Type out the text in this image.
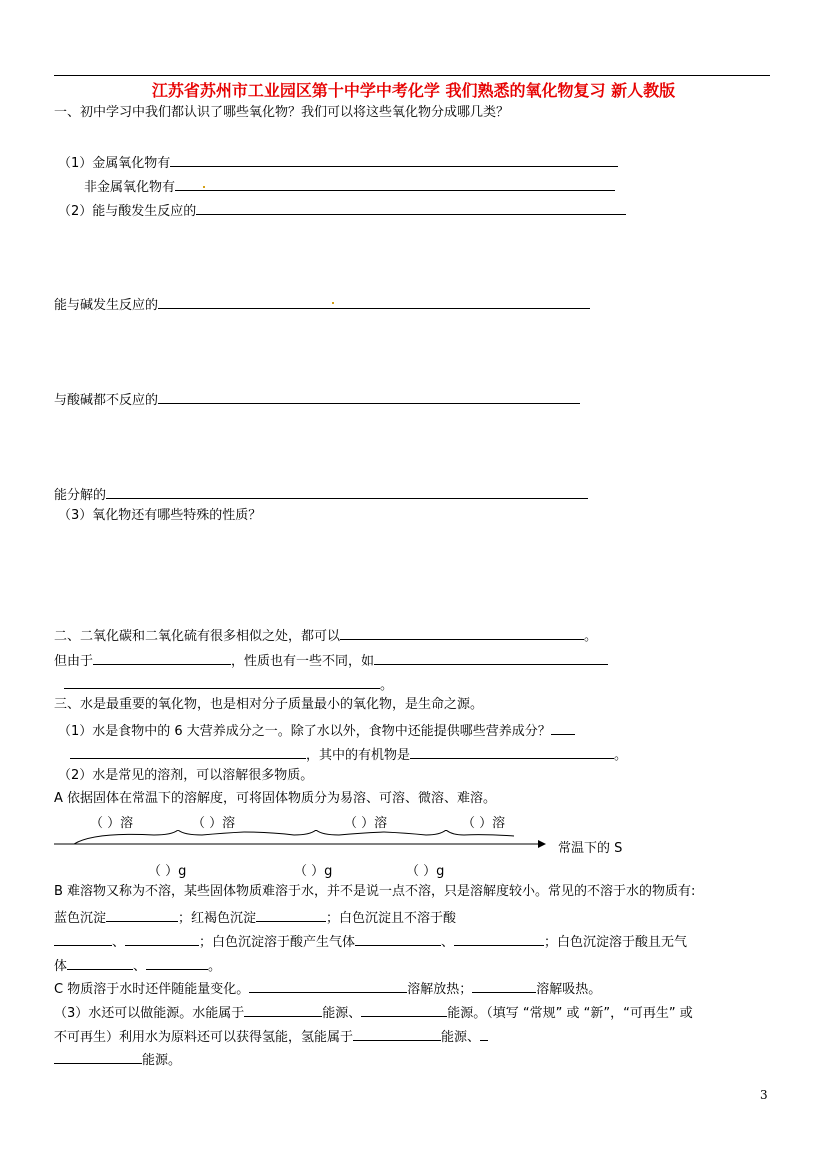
江苏省苏州市工业园区第十中学中考化学 我们熟悉的氧化物复习 新人教版
一、初中学习中我们都认识了哪些氧化物？我们可以将这些氧化物分成哪几类？
（1）金属氧化物有
非金属氧化物有
（2）能与酸发生反应的
能与碱发生反应的
与酸碱都不反应的
能分解的
（3）氧化物还有哪些特殊的性质？
二、二氧化碳和二氧化硫有很多相似之处，都可以	。
但由于	，性质也有一些不同，如
。
三、水是最重要的氧化物，也是相对分子质量最小的氧化物，是生命之源。
（1）水是食物中的 6 大营养成分之一。除了水以外，食物中还能提供哪些营养成分？
，其中的有机物是	。
（2）水是常见的溶剂，可以溶解很多物质。
A 依据固体在常温下的溶解度，可将固体物质分为易溶、可溶、微溶、难溶。
（ ）溶	（ ）溶	（ ）溶	（ ）溶
常温下的 S
（ ）g	（ ）g	（ ）g
B 难溶物又称为不溶，某些固体物质难溶于水，并不是说一点不溶，只是溶解度较小。常见的不溶于水的物质有:
蓝色沉淀	；红褐色沉淀	；白色沉淀且不溶于酸
、	；白色沉淀溶于酸产生气体	、	；白色沉淀溶于酸且无气
体	、	。
C 物质溶于水时还伴随能量变化。	溶解放热；	溶解吸热。
（3）水还可以做能源。水能属于	能源、	能源。（填写 “常规” 或 “新”，“可再生” 或
不可再生）利用水为原料还可以获得氢能，氢能属于	能源、
能源。
3
